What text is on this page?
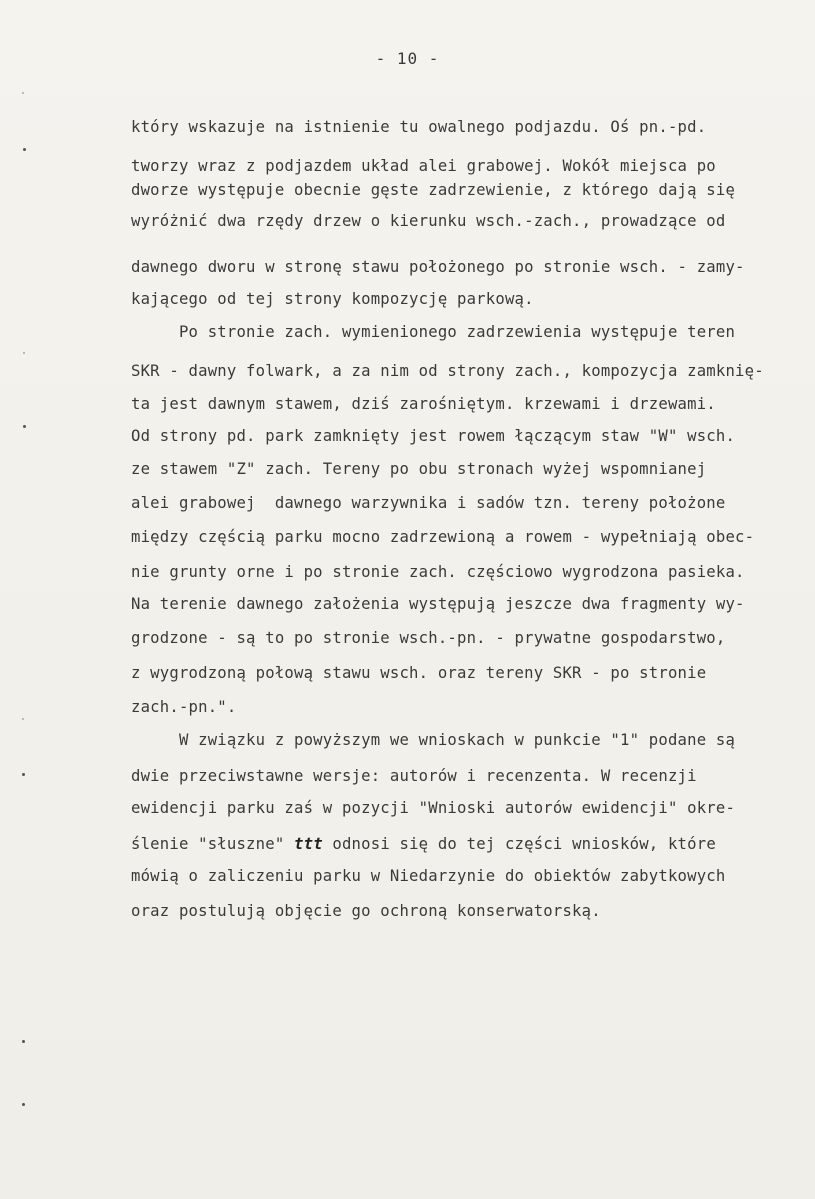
- 10 -
który wskazuje na istnienie tu owalnego podjazdu. Oś pn.-pd.
tworzy wraz z podjazdem układ alei grabowej. Wokół miejsca po
dworze występuje obecnie gęste zadrzewienie, z którego dają się
wyróżnić dwa rzędy drzew o kierunku wsch.-zach., prowadzące od
dawnego dworu w stronę stawu położonego po stronie wsch. - zamy-
kającego od tej strony kompozycję parkową.
Po stronie zach. wymienionego zadrzewienia występuje teren
SKR - dawny folwark, a za nim od strony zach., kompozycja zamknię-
ta jest dawnym stawem, dziś zarośniętym. krzewami i drzewami.
Od strony pd. park zamknięty jest rowem łączącym staw "W" wsch.
ze stawem "Z" zach. Tereny po obu stronach wyżej wspomnianej
alei grabowej  dawnego warzywnika i sadów tzn. tereny położone
między częścią parku mocno zadrzewioną a rowem - wypełniają obec-
nie grunty orne i po stronie zach. częściowo wygrodzona pasieka.
Na terenie dawnego założenia występują jeszcze dwa fragmenty wy-
grodzone - są to po stronie wsch.-pn. - prywatne gospodarstwo,
z wygrodzoną połową stawu wsch. oraz tereny SKR - po stronie
zach.-pn.".
W związku z powyższym we wnioskach w punkcie "1" podane są
dwie przeciwstawne wersje: autorów i recenzenta. W recenzji
ewidencji parku zaś w pozycji "Wnioski autorów ewidencji" okre-
ślenie "słuszne" ttt odnosi się do tej części wniosków, które
mówią o zaliczeniu parku w Niedarzynie do obiektów zabytkowych
oraz postulują objęcie go ochroną konserwatorską.
